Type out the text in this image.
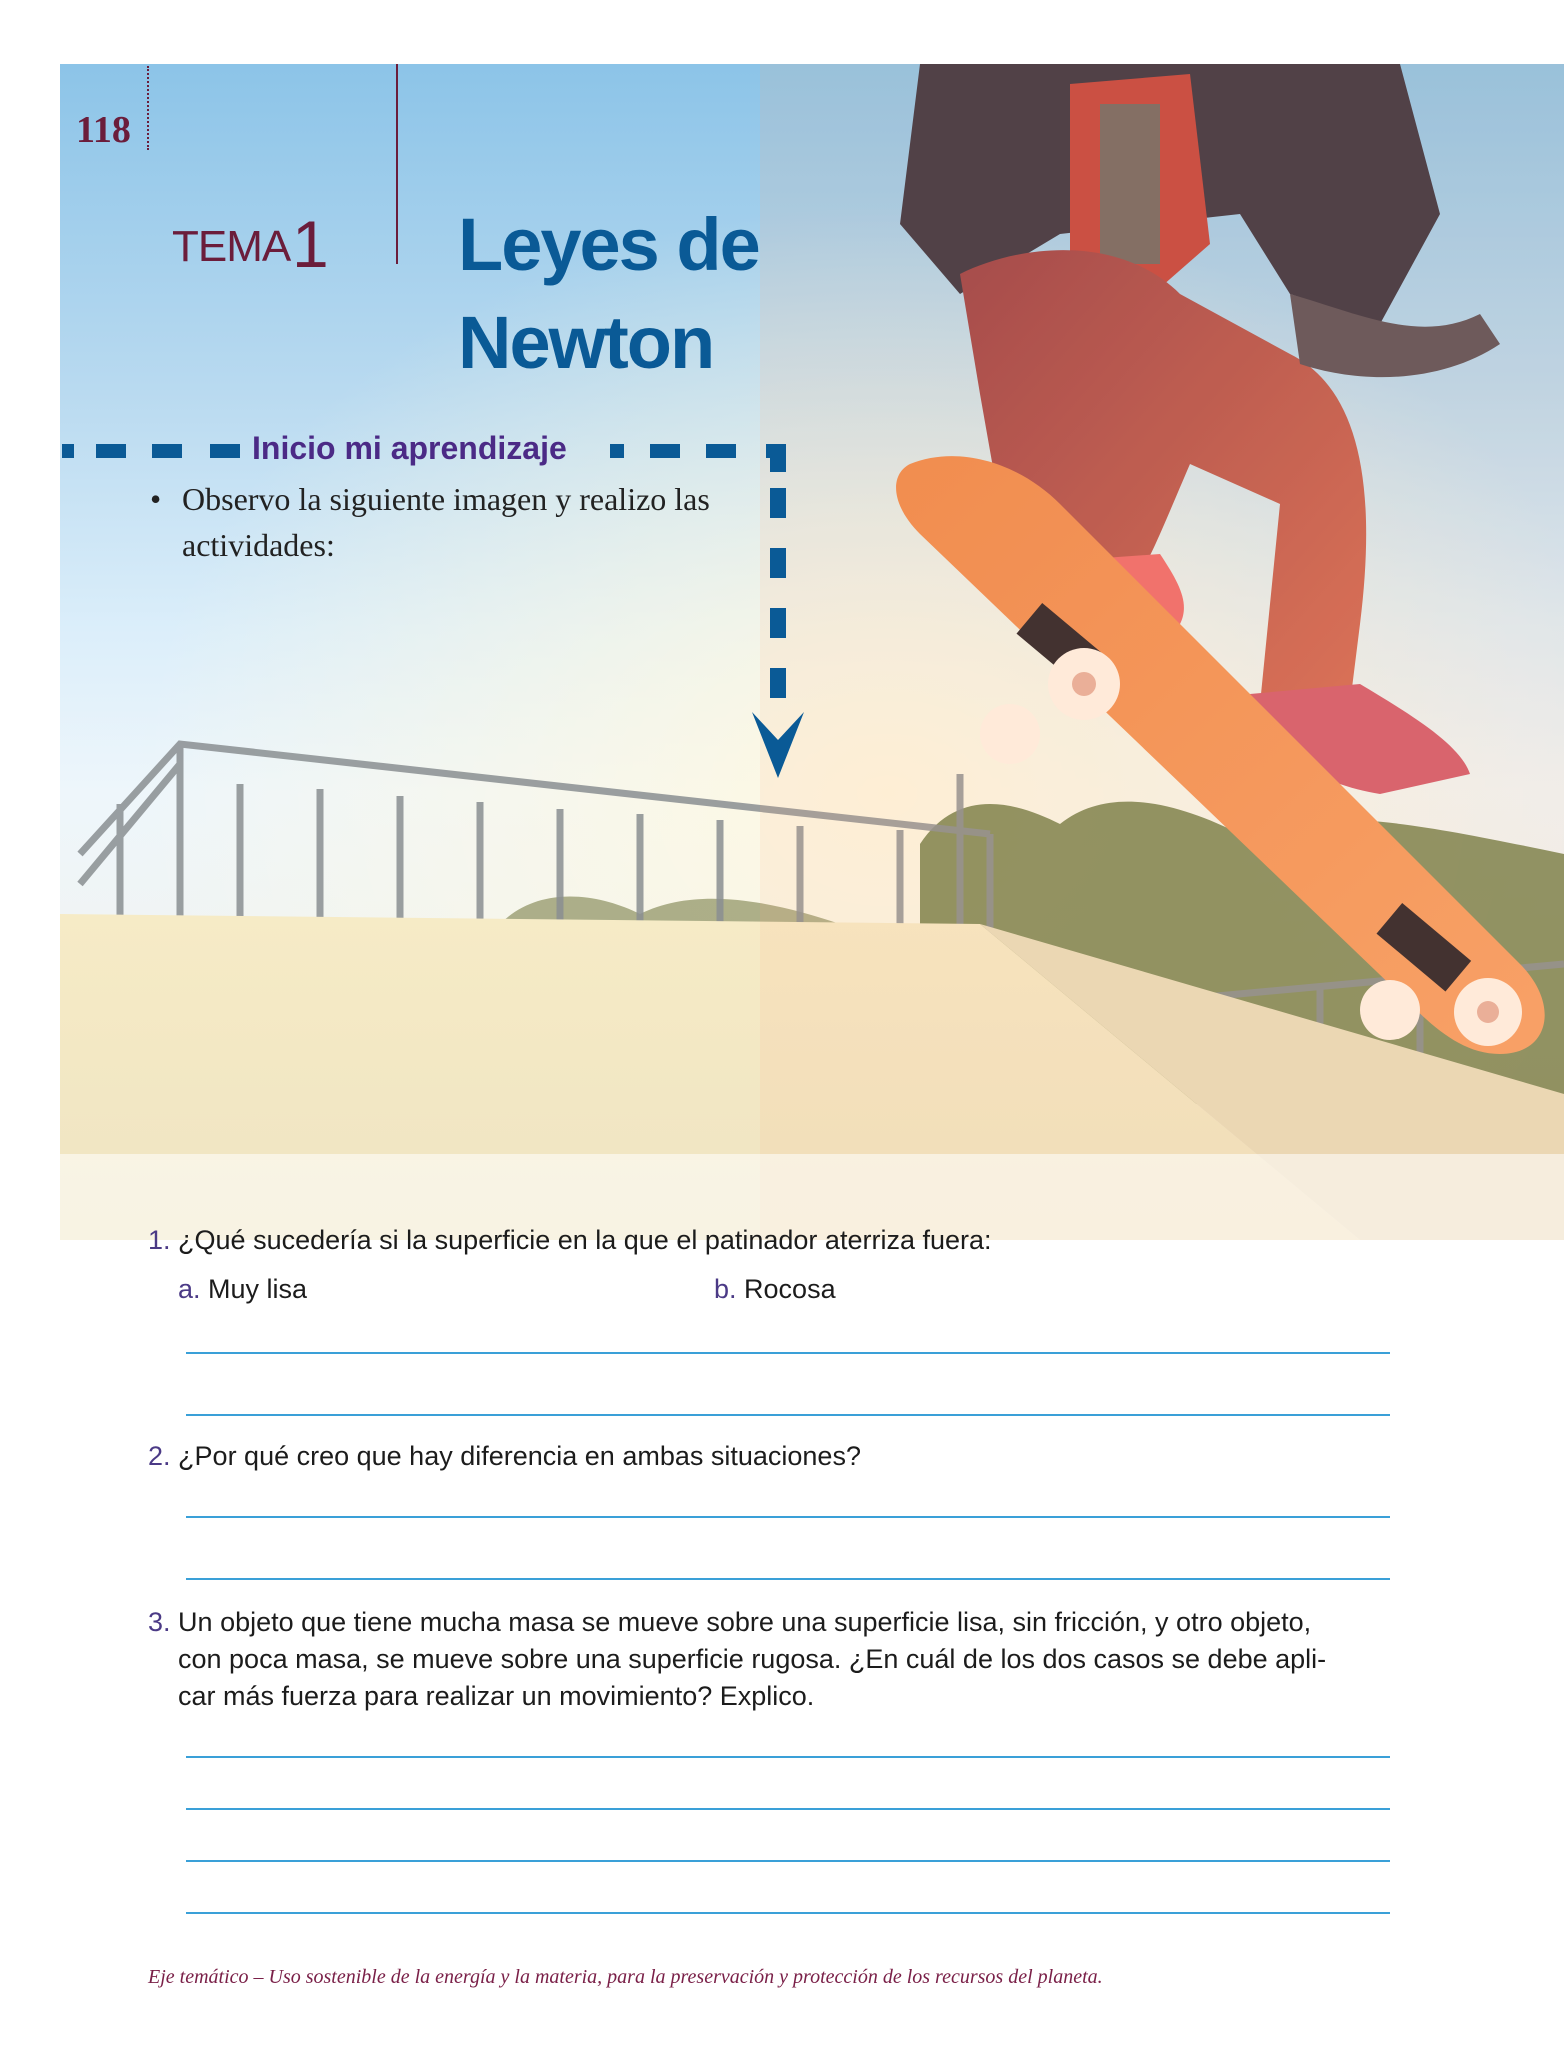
118
TEMA 1 Leyes de
Newton
Inicio mi aprendizaje
• Observo la siguiente imagen y realizo las actividades:
1. ¿Qué sucedería si la superficie en la que el patinador aterriza fuera:
a. Muy lisa	b. Rocosa
2. ¿Por qué creo que hay diferencia en ambas situaciones?
3. Un objeto que tiene mucha masa se mueve sobre una superficie lisa, sin fricción, y otro objeto,
con poca masa, se mueve sobre una superficie rugosa. ¿En cuál de los dos casos se debe apli-
car más fuerza para realizar un movimiento? Explico.
Eje temático – Uso sostenible de la energía y la materia, para la preservación y protección de los recursos del planeta.
